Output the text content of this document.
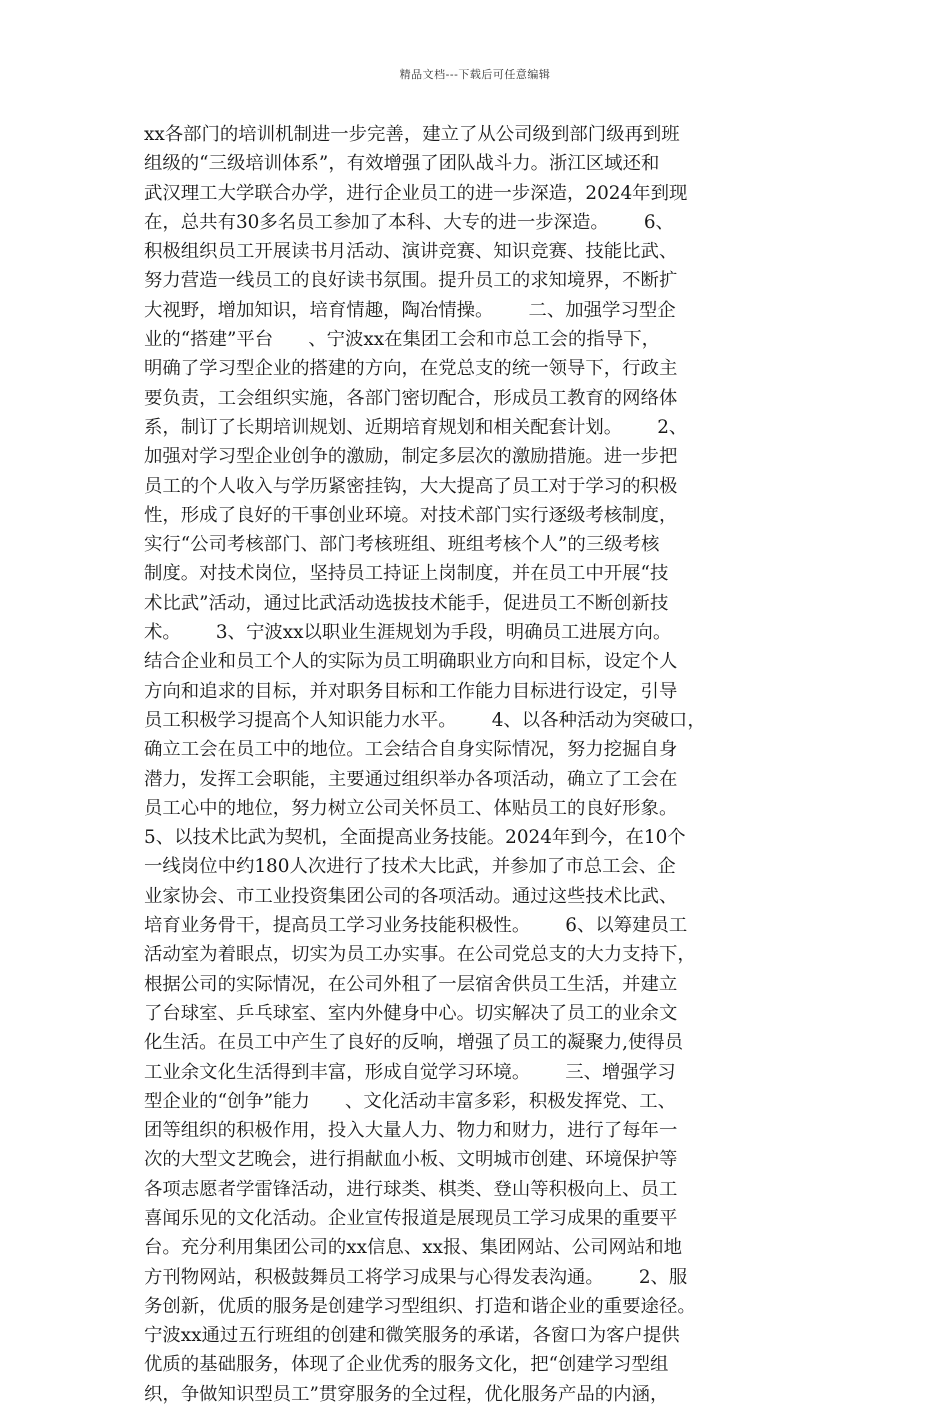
精品文档---下载后可任意编辑
xx各部门的培训机制进一步完善，建立了从公司级到部门级再到班
组级的“三级培训体系”，有效增强了团队战斗力。浙江区域还和
武汉理工大学联合办学，进行企业员工的进一步深造，2024年到现
在，总共有30多名员工参加了本科、大专的进一步深造。      6、
积极组织员工开展读书月活动、演讲竞赛、知识竞赛、技能比武、
努力营造一线员工的良好读书氛围。提升员工的求知境界，不断扩
大视野，增加知识，培育情趣，陶冶情操。      二、加强学习型企
业的“搭建”平台      、宁波xx在集团工会和市总工会的指导下，
明确了学习型企业的搭建的方向，在党总支的统一领导下，行政主
要负责，工会组织实施，各部门密切配合，形成员工教育的网络体
系，制订了长期培训规划、近期培育规划和相关配套计划。      2、
加强对学习型企业创争的激励，制定多层次的激励措施。进一步把
员工的个人收入与学历紧密挂钩，大大提高了员工对于学习的积极
性，形成了良好的干事创业环境。对技术部门实行逐级考核制度，
实行“公司考核部门、部门考核班组、班组考核个人”的三级考核
制度。对技术岗位，坚持员工持证上岗制度，并在员工中开展“技
术比武”活动，通过比武活动选拔技术能手，促进员工不断创新技
术。      3、宁波xx以职业生涯规划为手段，明确员工进展方向。
结合企业和员工个人的实际为员工明确职业方向和目标，设定个人
方向和追求的目标，并对职务目标和工作能力目标进行设定，引导
员工积极学习提高个人知识能力水平。      4、以各种活动为突破口，
确立工会在员工中的地位。工会结合自身实际情况，努力挖掘自身
潜力，发挥工会职能，主要通过组织举办各项活动，确立了工会在
员工心中的地位，努力树立公司关怀员工、体贴员工的良好形象。
5、以技术比武为契机，全面提高业务技能。2024年到今，在10个
一线岗位中约180人次进行了技术大比武，并参加了市总工会、企
业家协会、市工业投资集团公司的各项活动。通过这些技术比武、
培育业务骨干，提高员工学习业务技能积极性。      6、以筹建员工
活动室为着眼点，切实为员工办实事。在公司党总支的大力支持下，
根据公司的实际情况，在公司外租了一层宿舍供员工生活，并建立
了台球室、乒乓球室、室内外健身中心。切实解决了员工的业余文
化生活。在员工中产生了良好的反响，增强了员工的凝聚力,使得员
工业余文化生活得到丰富，形成自觉学习环境。      三、增强学习
型企业的“创争”能力      、文化活动丰富多彩，积极发挥党、工、
团等组织的积极作用，投入大量人力、物力和财力，进行了每年一
次的大型文艺晚会，进行捐献血小板、文明城市创建、环境保护等
各项志愿者学雷锋活动，进行球类、棋类、登山等积极向上、员工
喜闻乐见的文化活动。企业宣传报道是展现员工学习成果的重要平
台。充分利用集团公司的xx信息、xx报、集团网站、公司网站和地
方刊物网站，积极鼓舞员工将学习成果与心得发表沟通。      2、服
务创新，优质的服务是创建学习型组织、打造和谐企业的重要途径。
宁波xx通过五行班组的创建和微笑服务的承诺，各窗口为客户提供
优质的基础服务，体现了企业优秀的服务文化，把“创建学习型组
织，争做知识型员工”贯穿服务的全过程，优化服务产品的内涵，
